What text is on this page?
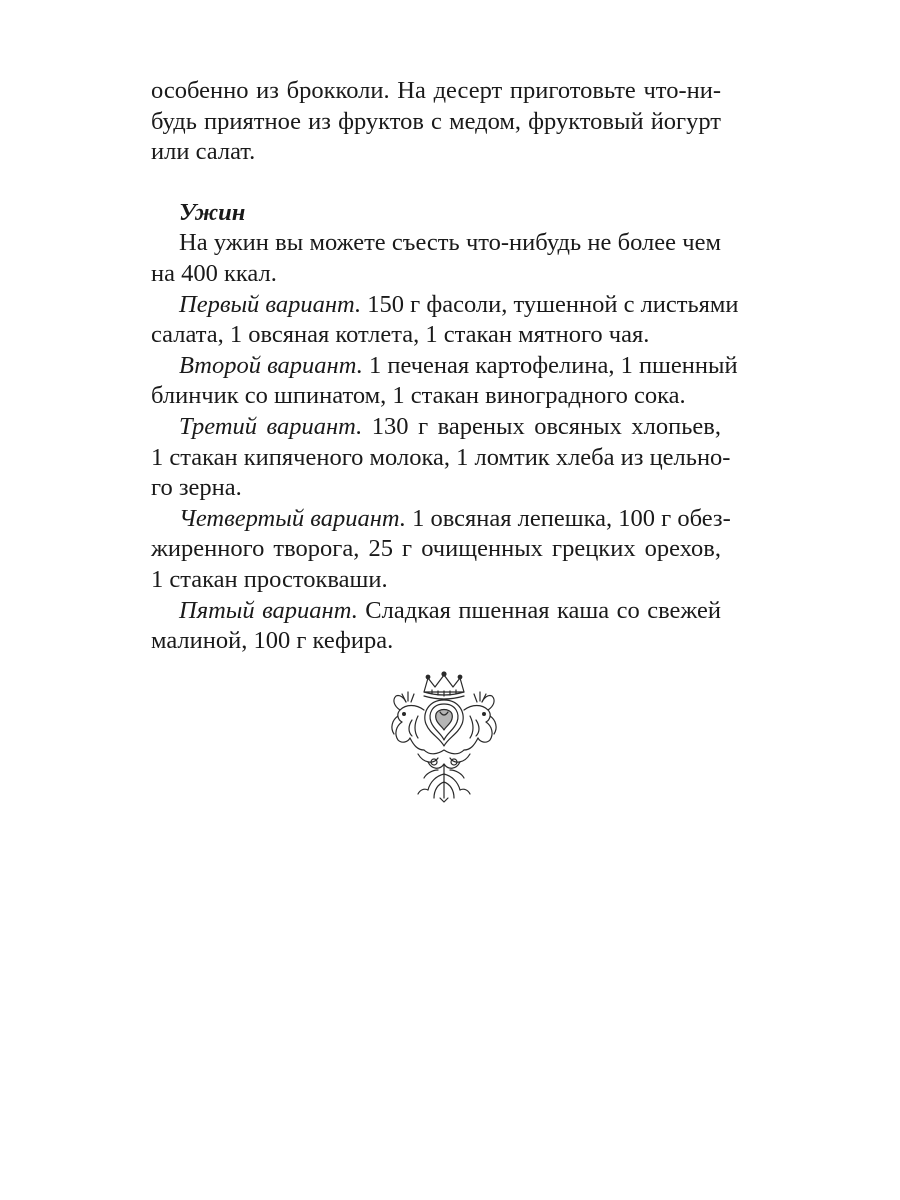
особенно из брокколи. На десерт приготовьте что-ни-
будь приятное из фруктов с медом, фруктовый йогурт
или салат.
Ужин
На ужин вы можете съесть что-нибудь не более чем
на 400 ккал.
Первый вариант. 150 г фасоли, тушенной с листьями
салата, 1 овсяная котлета, 1 стакан мятного чая.
Второй вариант. 1 печеная картофелина, 1 пшенный
блинчик со шпинатом, 1 стакан виноградного сока.
Третий вариант. 130 г вареных овсяных хлопьев,
1 стакан кипяченого молока, 1 ломтик хлеба из цельно-
го зерна.
Четвертый вариант. 1 овсяная лепешка, 100 г обез-
жиренного творога, 25 г очищенных грецких орехов,
1 стакан простокваши.
Пятый вариант. Сладкая пшенная каша со свежей
малиной, 100 г кефира.
